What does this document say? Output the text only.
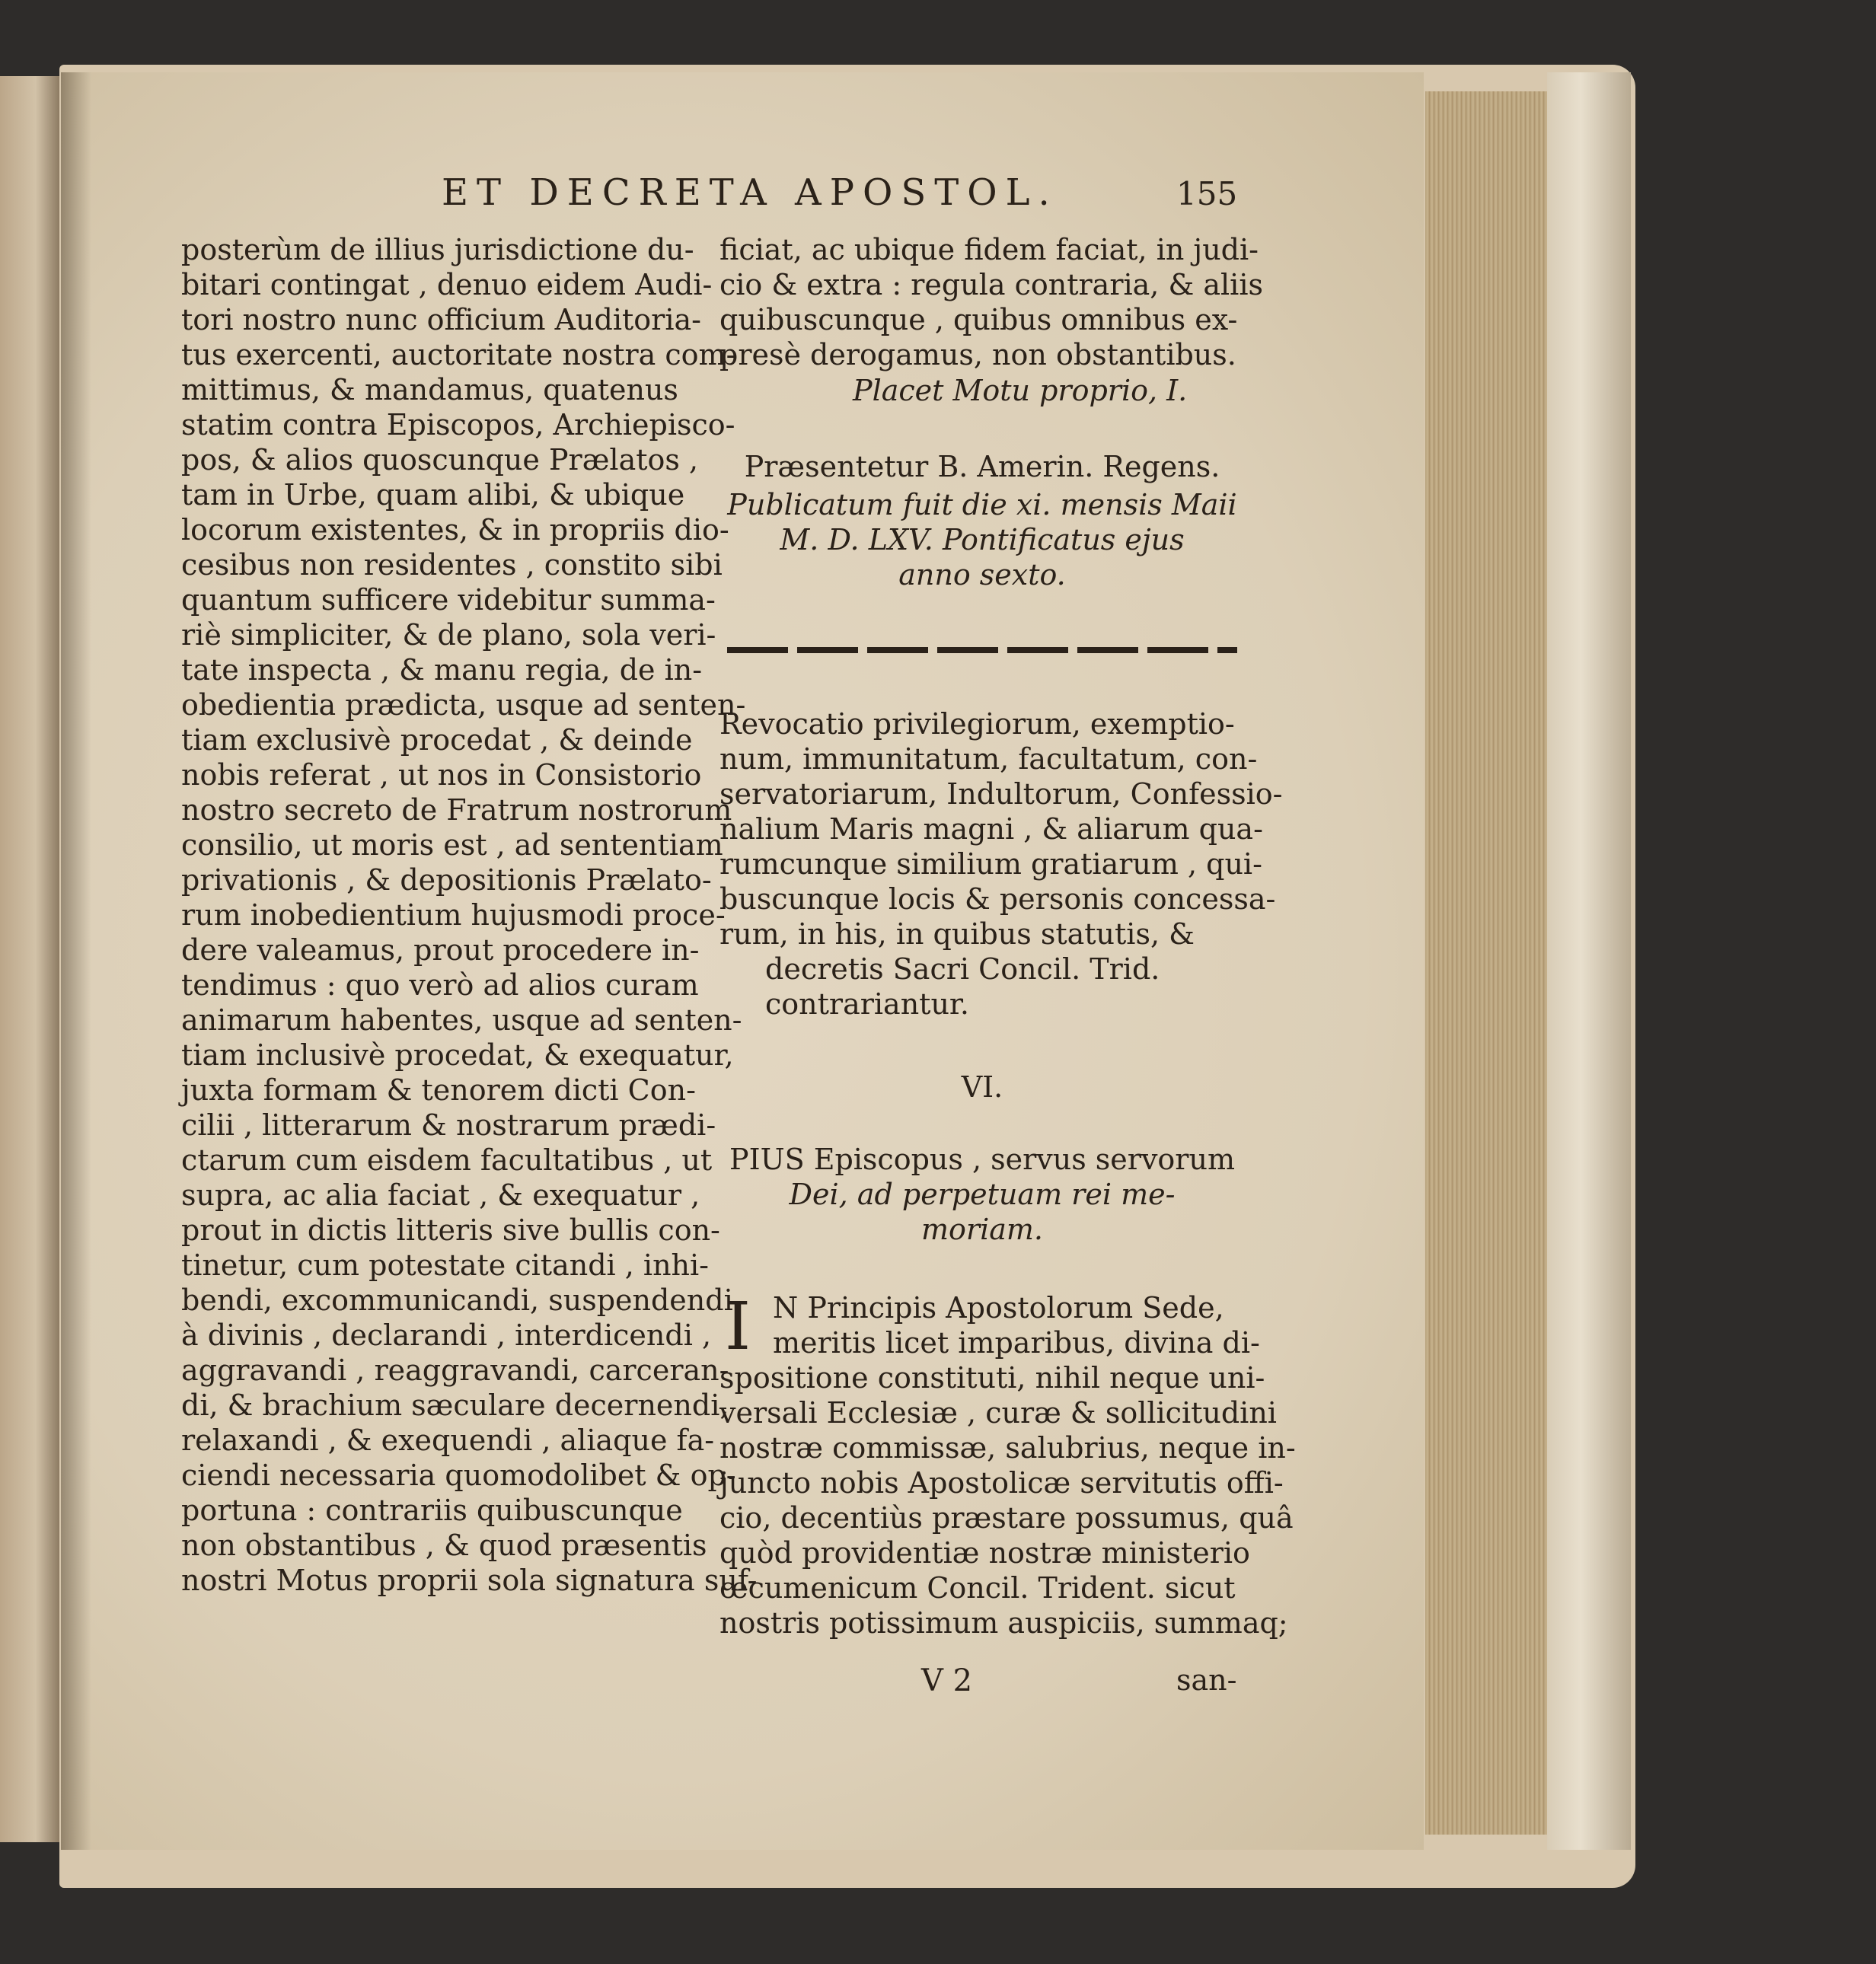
ET DECRETA APOSTOL.	155
posterùm de illius jurisdictione du-
bitari contingat , denuo eidem Audi-
tori nostro nunc officium Auditoria-
tus exercenti, auctoritate nostra com-
mittimus, & mandamus, quatenus
statim contra Episcopos, Archiepisco-
pos, & alios quoscunque Prælatos ,
tam in Urbe, quam alibi, & ubique
locorum existentes, & in propriis dio-
cesibus non residentes , constito sibi
quantum sufficere videbitur summa-
riè simpliciter, & de plano, sola veri-
tate inspecta , & manu regia, de in-
obedientia prædicta, usque ad senten-
tiam exclusivè procedat , & deinde
nobis referat , ut nos in Consistorio
nostro secreto de Fratrum nostrorum
consilio, ut moris est , ad sententiam
privationis , & depositionis Prælato-
rum inobedientium hujusmodi proce-
dere valeamus, prout procedere in-
tendimus : quo verò ad alios curam
animarum habentes, usque ad senten-
tiam inclusivè procedat, & exequatur,
juxta formam & tenorem dicti Con-
cilii , litterarum & nostrarum prædi-
ctarum cum eisdem facultatibus , ut
supra, ac alia faciat , & exequatur ,
prout in dictis litteris sive bullis con-
tinetur, cum potestate citandi , inhi-
bendi, excommunicandi, suspendendi
à divinis , declarandi , interdicendi ,
aggravandi , reaggravandi, carceran-
di, & brachium sæculare decernendi,
relaxandi , & exequendi , aliaque fa-
ciendi necessaria quomodolibet & op-
portuna : contrariis quibuscunque
non obstantibus , & quod præsentis
nostri Motus proprii sola signatura suf-
ficiat, ac ubique fidem faciat, in judi-
cio & extra : regula contraria, & aliis
quibuscunque , quibus omnibus ex-
presè derogamus, non obstantibus.
Placet Motu proprio, I.
Præsentetur B. Amerin. Regens.
Publicatum fuit die xi. mensis Maii
M. D. LXV. Pontificatus ejus
anno sexto.
Revocatio privilegiorum, exemptio-
num, immunitatum, facultatum, con-
servatoriarum, Indultorum, Confessio-
nalium Maris magni , & aliarum qua-
rumcunque similium gratiarum , qui-
buscunque locis & personis concessa-
rum, in his, in quibus statutis, &
decretis Sacri Concil. Trid.
contrariantur.
VI.
PIUS Episcopus , servus servorum
Dei, ad perpetuam rei me-
moriam.
I N Principis Apostolorum Sede,
meritis licet imparibus, divina di-
spositione constituti, nihil neque uni-
versali Ecclesiæ , curæ & sollicitudini
nostræ commissæ, salubrius, neque in-
juncto nobis Apostolicæ servitutis offi-
cio, decentiùs præstare possumus, quâ
quòd providentiæ nostræ ministerio
œcumenicum Concil. Trident. sicut
nostris potissimum auspiciis, summaq;
V 2	san-
